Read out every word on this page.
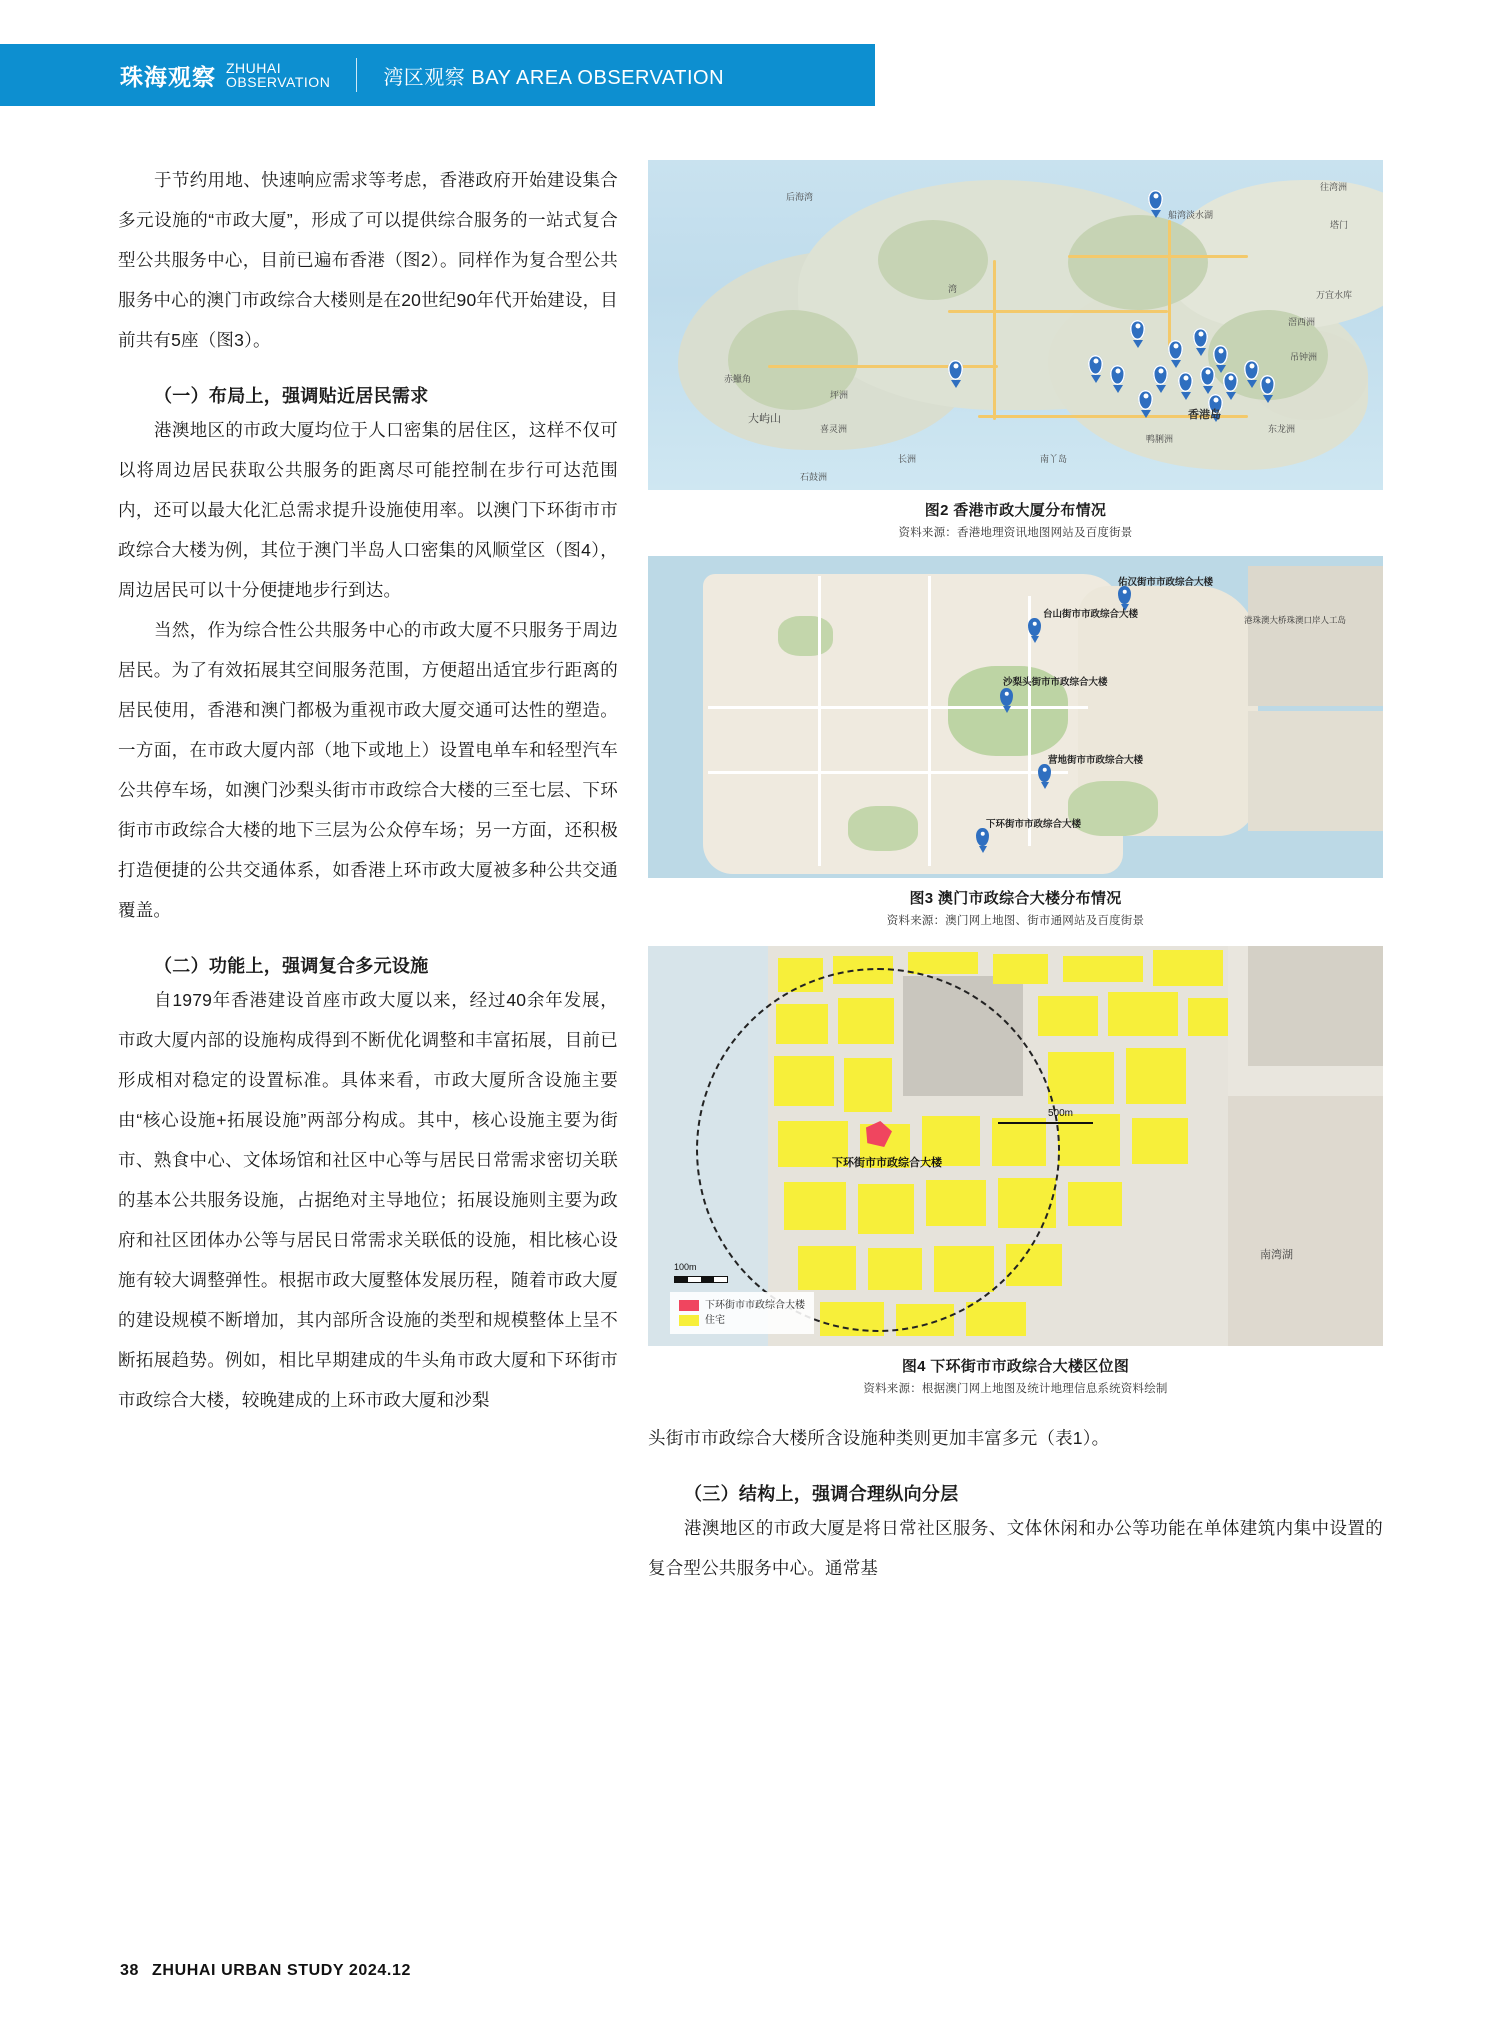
珠海观察 ZHUHAI
OBSERVATION	湾区观察 BAY AREA OBSERVATION

于节约用地、快速响应需求等考虑，香港政府开始建设集合多元设施的“市政大厦”，形成了可以提供综合服务的一站式复合型公共服务中心，目前已遍布香港（图2）。同样作为复合型公共服务中心的澳门市政综合大楼则是在20世纪90年代开始建设，目前共有5座（图3）。

（一）布局上，强调贴近居民需求

港澳地区的市政大厦均位于人口密集的居住区，这样不仅可以将周边居民获取公共服务的距离尽可能控制在步行可达范围内，还可以最大化汇总需求提升设施使用率。以澳门下环街市市政综合大楼为例，其位于澳门半岛人口密集的风顺堂区（图4），周边居民可以十分便捷地步行到达。

当然，作为综合性公共服务中心的市政大厦不只服务于周边居民。为了有效拓展其空间服务范围，方便超出适宜步行距离的居民使用，香港和澳门都极为重视市政大厦交通可达性的塑造。一方面，在市政大厦内部（地下或地上）设置电单车和轻型汽车公共停车场，如澳门沙梨头街市市政综合大楼的三至七层、下环街市市政综合大楼的地下三层为公众停车场；另一方面，还积极打造便捷的公共交通体系，如香港上环市政大厦被多种公共交通覆盖。

（二）功能上，强调复合多元设施

自1979年香港建设首座市政大厦以来，经过40余年发展，市政大厦内部的设施构成得到不断优化调整和丰富拓展，目前已形成相对稳定的设置标准。具体来看，市政大厦所含设施主要由“核心设施+拓展设施”两部分构成。其中，核心设施主要为街市、熟食中心、文体场馆和社区中心等与居民日常需求密切关联的基本公共服务设施，占据绝对主导地位；拓展设施则主要为政府和社区团体办公等与居民日常需求关联低的设施，相比核心设施有较大调整弹性。根据市政大厦整体发展历程，随着市政大厦的建设规模不断增加，其内部所含设施的类型和规模整体上呈不断拓展趋势。例如，相比早期建成的牛头角市政大厦和下环街市市政综合大楼，较晚建成的上环市政大厦和沙梨

后海湾
往湾洲
船湾淡水湖
塔门
万宜水库
滘西洲
吊钟洲
赤鱲角
坪洲
喜灵洲
香港岛
东龙洲
大屿山
鸭脷洲
南丫岛
长洲
石鼓洲
湾
图2 香港市政大厦分布情况
资料来源：香港地理资讯地图网站及百度街景
佑汉街市市政综合大楼
台山街市市政综合大楼
沙梨头街市市政综合大楼
营地街市市政综合大楼
下环街市市政综合大楼
港珠澳大桥珠澳口岸人工岛
图3 澳门市政综合大楼分布情况
资料来源：澳门网上地图、街市通网站及百度街景
下环街市市政综合大楼
500m
100m
南湾湖
下环街市市政综合大楼
住宅
图4 下环街市市政综合大楼区位图
资料来源：根据澳门网上地图及统计地理信息系统资料绘制

头街市市政综合大楼所含设施种类则更加丰富多元（表1）。

（三）结构上，强调合理纵向分层

港澳地区的市政大厦是将日常社区服务、文体休闲和办公等功能在单体建筑内集中设置的复合型公共服务中心。通常基

38 ZHUHAI URBAN STUDY 2024.12
